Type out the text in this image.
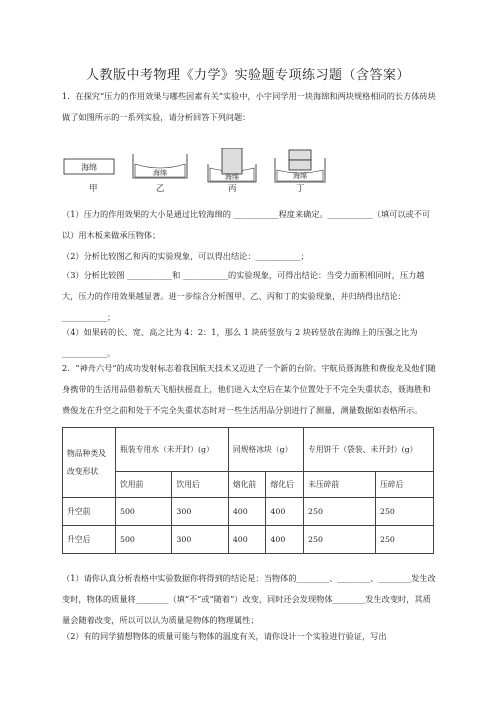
人教版中考物理《力学》实验题专项练习题（含答案）
1．在探究“压力的作用效果与哪些因素有关”实验中，小宇同学用一块海绵和两块规格相同的长方体砖块做了如图所示的一系列实验，请分析回答下列问题：
海绵
海绵	海绵	海绵
甲	乙	丙	丁
（1）压力的作用效果的大小是通过比较海绵的 ___________程度来确定。___________（填可以或不可以）用木板来做承压物体；
（2）分析比较图乙和丙的实验现象，可以得出结论：___________；
（3）分析比较图 ___________和 ___________的实验现象，可得出结论：当受力面积相同时，压力越大，压力的作用效果越显著。进一步综合分析图甲、乙、丙和丁的实验现象，并归纳得出结论：___________；
（4）如果砖的长、宽、高之比为 4：2：1，那么 1 块砖竖放与 2 块砖竖放在海绵上的压强之比为 ___________。
2．“神舟六号”的成功发射标志着我国航天技术又迈进了一个新的台阶。宇航员聂海胜和费俊龙及他们随身携带的生活用品借着航天飞船扶摇直上，他们进入太空后在某个位置处于不完全失重状态，聂海胜和费俊龙在升空之前和处于不完全失重状态时对一些生活用品分别进行了测量，测量数据如表格所示。
物品种类及改变形状	瓶装专用水（未开封）(g）		同规格冰块（g）		专用饼干（袋装、未开封）(g）	
	饮用前	饮用后	熔化前	熔化后	未压碎前	压碎后
升空前	500	300	400	400	250	250
升空后	500	300	400	400	250	250
（1）请你认真分析表格中实验数据你将得到的结论是：当物体的________、________、________发生改变时，物体的质量将________（填“不”或“随着”）改变，同时还会发现物体________发生改变时，其质量会随着改变，所以可以认为质量是物体的物理属性；
（2）有的同学猜想物体的质量可能与物体的温度有关，请你设计一个实验进行验证，写出
